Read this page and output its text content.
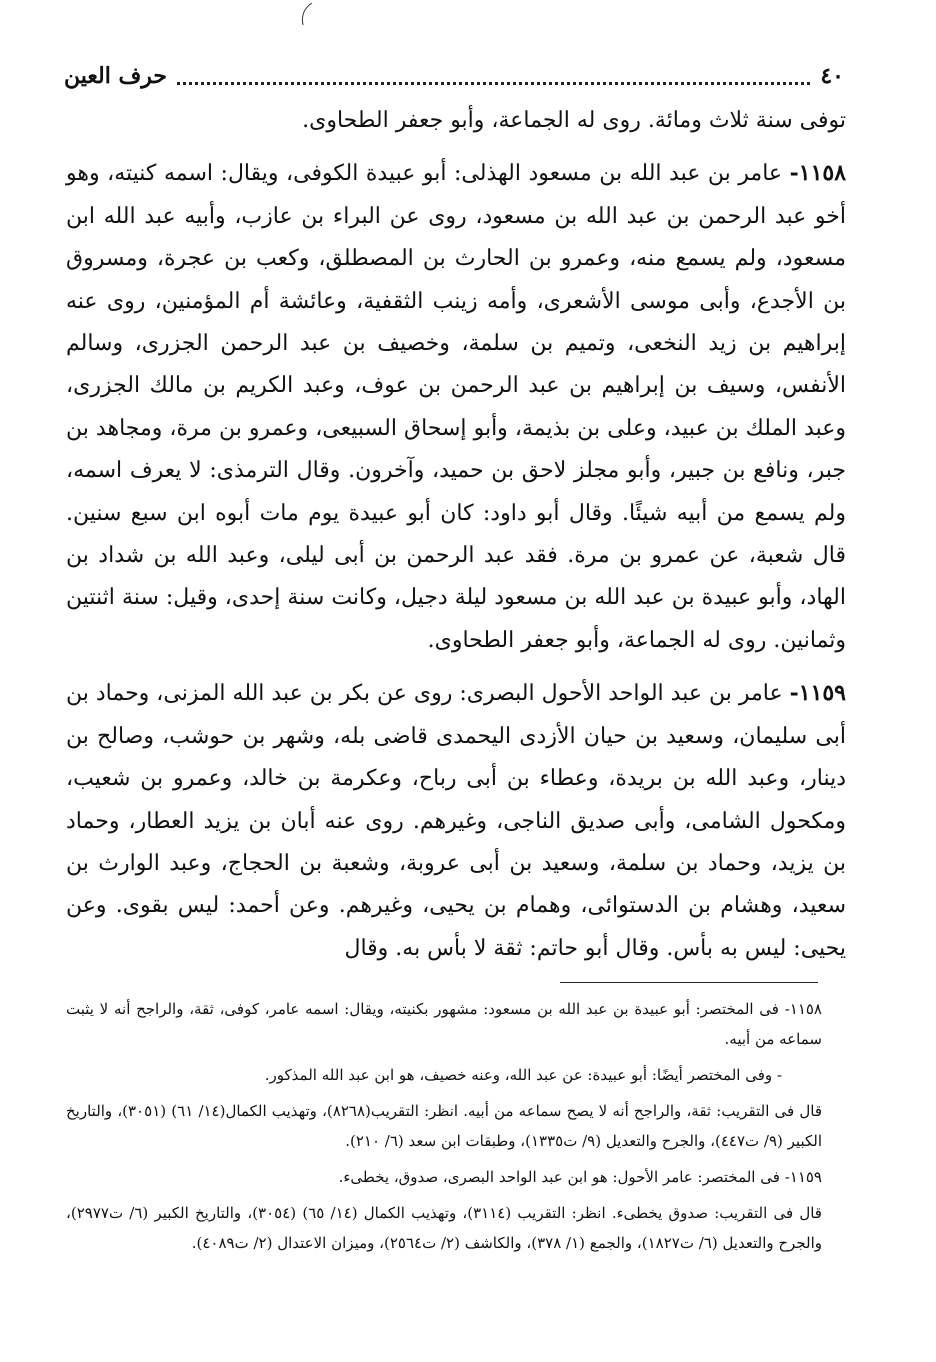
٤٠
حرف العين

توفى سنة ثلاث ومائة. روى له الجماعة، وأبو جعفر الطحاوى.

١١٥٨- عامر بن عبد الله بن مسعود الهذلى: أبو عبيدة الكوفى، ويقال: اسمه كنيته، وهو أخو عبد الرحمن بن عبد الله بن مسعود، روى عن البراء بن عازب، وأبيه عبد الله ابن مسعود، ولم يسمع منه، وعمرو بن الحارث بن المصطلق، وكعب بن عجرة، ومسروق بن الأجدع، وأبى موسى الأشعرى، وأمه زينب الثقفية، وعائشة أم المؤمنين، روى عنه إبراهيم بن زيد النخعى، وتميم بن سلمة، وخصيف بن عبد الرحمن الجزرى، وسالم الأنفس، وسيف بن إبراهيم بن عبد الرحمن بن عوف، وعبد الكريم بن مالك الجزرى، وعبد الملك بن عبيد، وعلى بن بذيمة، وأبو إسحاق السبيعى، وعمرو بن مرة، ومجاهد بن جبر، ونافع بن جبير، وأبو مجلز لاحق بن حميد، وآخرون. وقال الترمذى: لا يعرف اسمه، ولم يسمع من أبيه شيئًا. وقال أبو داود: كان أبو عبيدة يوم مات أبوه ابن سبع سنين. قال شعبة، عن عمرو بن مرة. فقد عبد الرحمن بن أبى ليلى، وعبد الله بن شداد بن الهاد، وأبو عبيدة بن عبد الله بن مسعود ليلة دجيل، وكانت سنة إحدى، وقيل: سنة اثنتين وثمانين. روى له الجماعة، وأبو جعفر الطحاوى.

١١٥٩- عامر بن عبد الواحد الأحول البصرى: روى عن بكر بن عبد الله المزنى، وحماد بن أبى سليمان، وسعيد بن حيان الأزدى اليحمدى قاضى بله، وشهر بن حوشب، وصالح بن دينار، وعبد الله بن بريدة، وعطاء بن أبى رباح، وعكرمة بن خالد، وعمرو بن شعيب، ومكحول الشامى، وأبى صديق الناجى، وغيرهم. روى عنه أبان بن يزيد العطار، وحماد بن يزيد، وحماد بن سلمة، وسعيد بن أبى عروبة، وشعبة بن الحجاج، وعبد الوارث بن سعيد، وهشام بن الدستوائى، وهمام بن يحيى، وغيرهم. وعن أحمد: ليس بقوى. وعن يحيى: ليس به بأس. وقال أبو حاتم: ثقة لا بأس به. وقال

١١٥٨- فى المختصر: أبو عبيدة بن عبد الله بن مسعود: مشهور بكنيته، ويقال: اسمه عامر، كوفى، ثقة، والراجح أنه لا يثبت سماعه من أبيه.

- وفى المختصر أيضًا: أبو عبيدة: عن عبد الله، وعنه خصيف، هو ابن عبد الله المذكور.

قال فى التقريب: ثقة، والراجح أنه لا يصح سماعه من أبيه. انظر: التقريب(٨٢٦٨)، وتهذيب الكمال(١٤/ ٦١) (٣٠٥١)، والتاريخ الكبير (٩/ ت٤٤٧)، والجرح والتعديل (٩/ ت١٣٣٥)، وطبقات ابن سعد (٦/ ٢١٠).

١١٥٩- فى المختصر: عامر الأحول: هو ابن عبد الواحد البصرى، صدوق، يخطىء.

قال فى التقريب: صدوق يخطىء. انظر: التقريب (٣١١٤)، وتهذيب الكمال (١٤/ ٦٥) (٣٠٥٤)، والتاريخ الكبير (٦/ ت٢٩٧٧)، والجرح والتعديل (٦/ ت١٨٢٧)، والجمع (١/ ٣٧٨)، والكاشف (٢/ ت٢٥٦٤)، وميزان الاعتدال (٢/ ت٤٠٨٩).
